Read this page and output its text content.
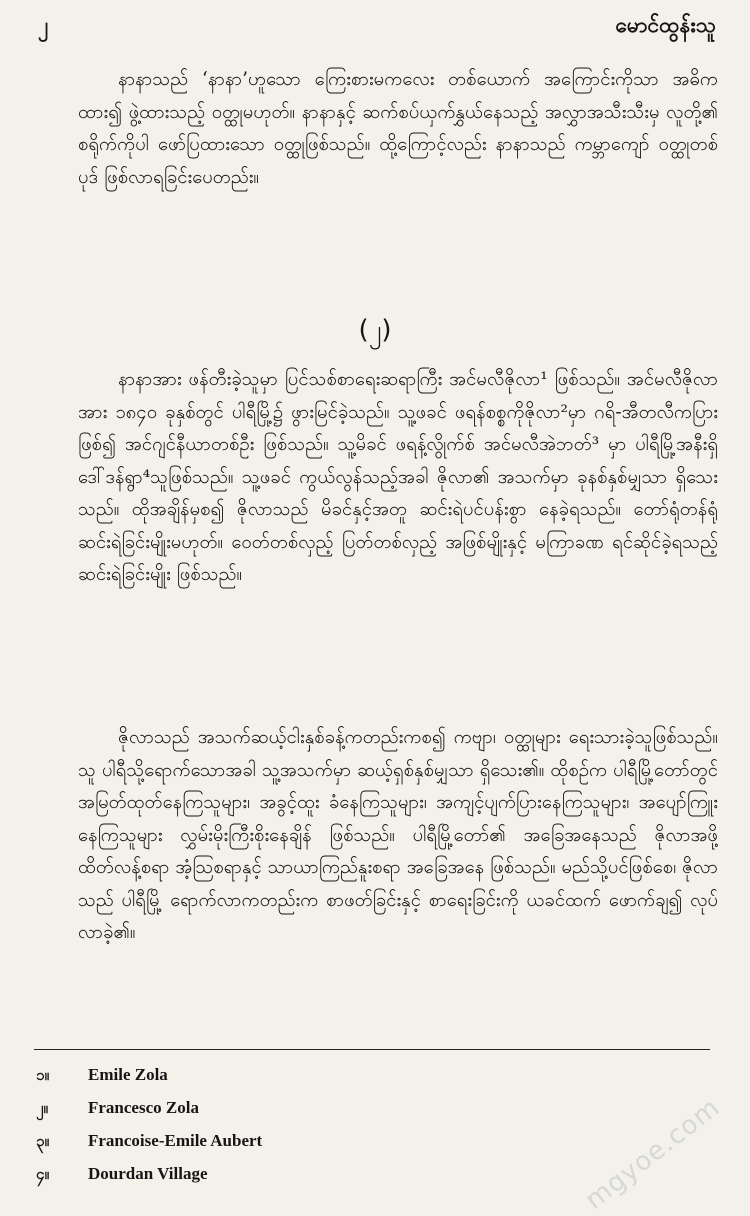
၂	မောင်ထွန်းသူ

နာနာသည် ‘နာနာ’ဟူသော ကြေးစားမကလေး တစ်ယောက် အကြောင်းကိုသာ အဓိကထား၍ ဖွဲ့ထားသည့် ဝတ္ထုမဟုတ်။ နာနာနှင့် ဆက်စပ်ယှက်နွှယ်နေသည့် အလွှာအသီးသီးမှ လူတို့၏ စရိုက်ကိုပါ ဖော်ပြထားသော ဝတ္ထုဖြစ်သည်။ ထို့ကြောင့်လည်း နာနာသည် ကမ္ဘာကျော် ဝတ္ထုတစ်ပုဒ် ဖြစ်လာရခြင်းပေတည်း။

(၂)

နာနာအား ဖန်တီးခဲ့သူမှာ ပြင်သစ်စာရေးဆရာကြီး အင်မလီဇိုလာ¹ ဖြစ်သည်။ အင်မလီဇိုလာအား ၁၈၄၀ ခုနှစ်တွင် ပါရီမြို့၌ ဖွားမြင်ခဲ့သည်။ သူ့ဖခင် ဖရန်စစ္စကိုဇိုလာ²မှာ ဂရိ-အီတလီကပြားဖြစ်၍ အင်ဂျင်နီယာတစ်ဦး ဖြစ်သည်။ သူ့မိခင် ဖရန့်လွိုက်စ် အင်မလီအဲဘတ်³ မှာ ပါရီမြို့အနီးရှိ ဒေါ်ဒန်ရွာ⁴သူဖြစ်သည်။ သူ့ဖခင် ကွယ်လွန်သည့်အခါ ဇိုလာ၏ အသက်မှာ ခုနစ်နှစ်မျှသာ ရှိသေးသည်။ ထိုအချိန်မှစ၍ ဇိုလာသည် မိခင်နှင့်အတူ ဆင်းရဲပင်ပန်းစွာ နေခဲ့ရသည်။ တော်ရုံတန်ရုံ ဆင်းရဲခြင်းမျိုးမဟုတ်။ ဝေတ်တစ်လှည့် ပြတ်တစ်လှည့် အဖြစ်မျိုးနှင့် မကြာခဏ ရင်ဆိုင်ခဲ့ရသည့် ဆင်းရဲခြင်းမျိုး ဖြစ်သည်။

ဇိုလာသည် အသက်ဆယ့်ငါးနှစ်ခန့်ကတည်းကစ၍ ကဗျာ၊ ဝတ္ထုများ ရေးသားခဲ့သူဖြစ်သည်။ သူ ပါရီသို့ရောက်သောအခါ သူ့အသက်မှာ ဆယ့်ရှစ်နှစ်မျှသာ ရှိသေး၏။ ထိုစဉ်က ပါရီမြို့တော်တွင် အမြတ်ထုတ်နေကြသူများ၊ အခွင့်ထူး ခံနေကြသူများ၊ အကျင့်ပျက်ပြားနေကြသူများ၊ အပျော်ကြူးနေကြသူများ လွှမ်းမိုးကြီးစိုးနေချိန် ဖြစ်သည်။ ပါရီမြို့တော်၏ အခြေအနေသည် ဇိုလာအဖို့ ထိတ်လန့်စရာ အံ့သြစရာနှင့် သာယာကြည်နူးစရာ အခြေအနေ ဖြစ်သည်။ မည်သို့ပင်ဖြစ်စေ၊ ဇိုလာသည် ပါရီမြို့ ရောက်လာကတည်းက စာဖတ်ခြင်းနှင့် စာရေးခြင်းကို ယခင်ထက် ဖောက်ချ၍ လုပ်လာခဲ့၏။

၁။ Emile Zola
၂။ Francesco Zola
၃။ Francoise-Emile Aubert
၄။ Dourdan Village	mgyoe.com
